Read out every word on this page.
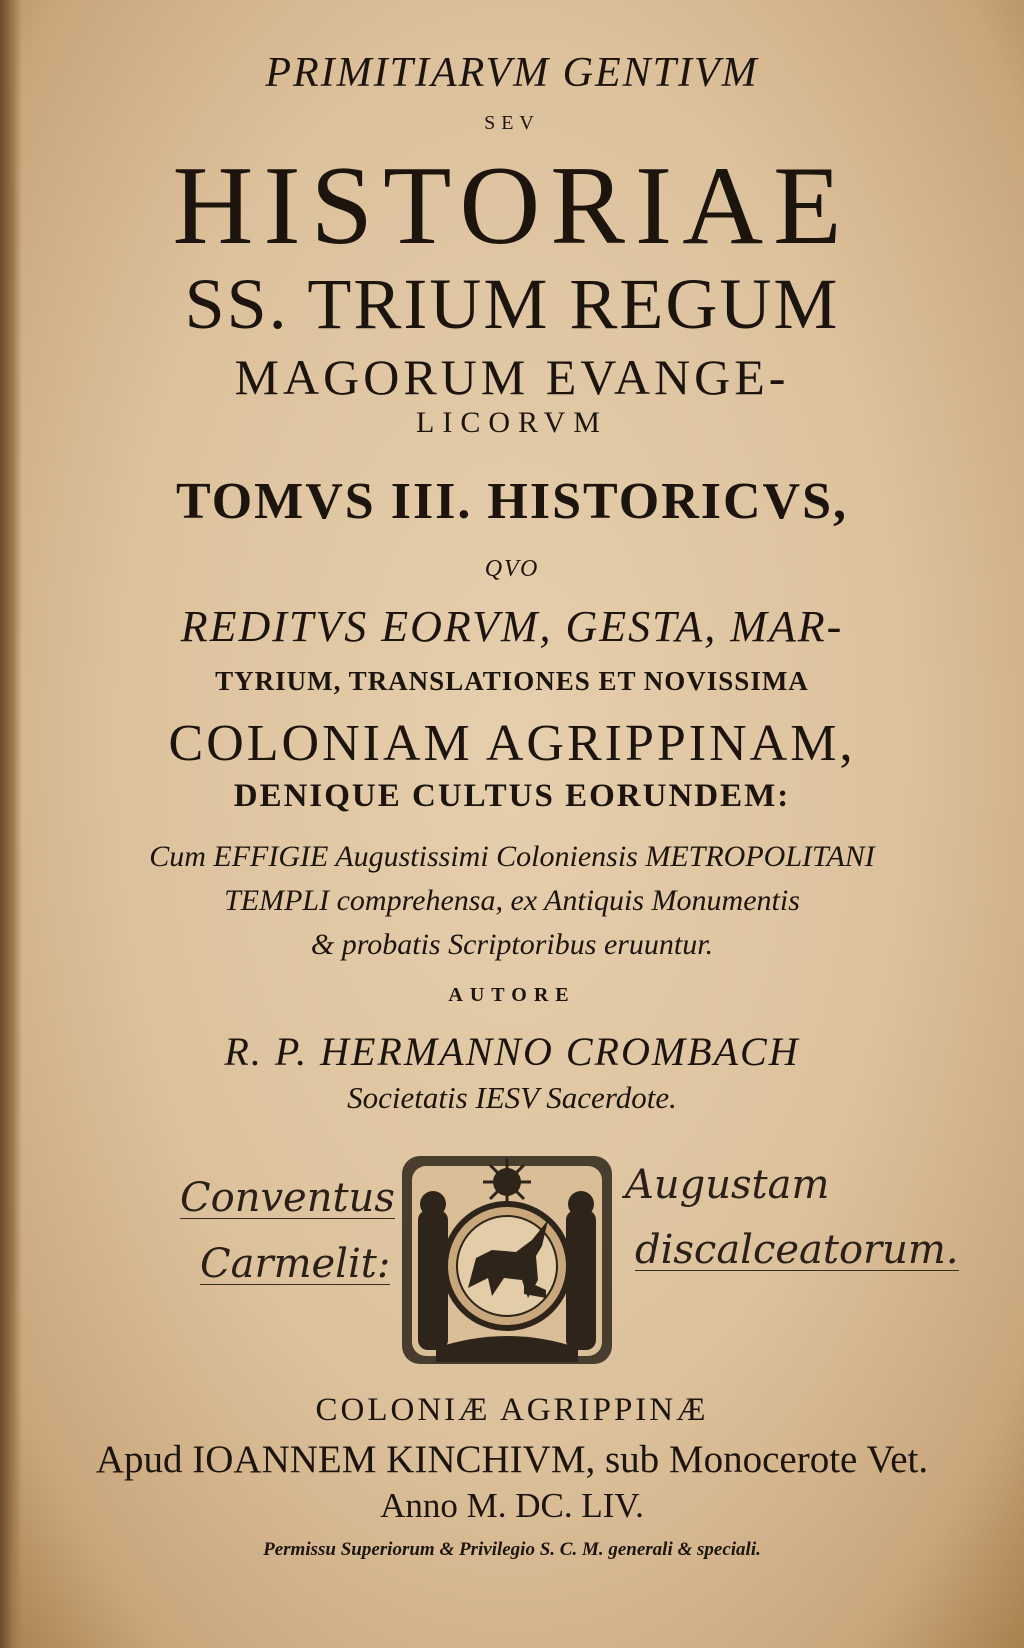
PRIMITIARVM GENTIVM
SEV
HISTORIAE
SS. TRIUM REGUM
MAGORUM EVANGE-
LICORVM
TOMVS III. HISTORICVS,
QVO
REDITVS EORVM, GESTA, MAR-
TYRIUM, TRANSLATIONES ET NOVISSIMA
COLONIAM AGRIPPINAM,
DENIQUE CULTUS EORUNDEM:
Cum EFFIGIE Augustissimi Coloniensis METROPOLITANI
TEMPLI comprehensa, ex Antiquis Monumentis
& probatis Scriptoribus eruuntur.
AUTORE
R. P. HERMANNO CROMBACH
Societatis IESV Sacerdote.
Conventus
Carmelit:
Augustam
discalceatorum.
COLONIÆ AGRIPPINÆ
Apud IOANNEM KINCHIVM, sub Monocerote Vet.
Anno M. DC. LIV.
Permissu Superiorum & Privilegio S. C. M. generali & speciali.
